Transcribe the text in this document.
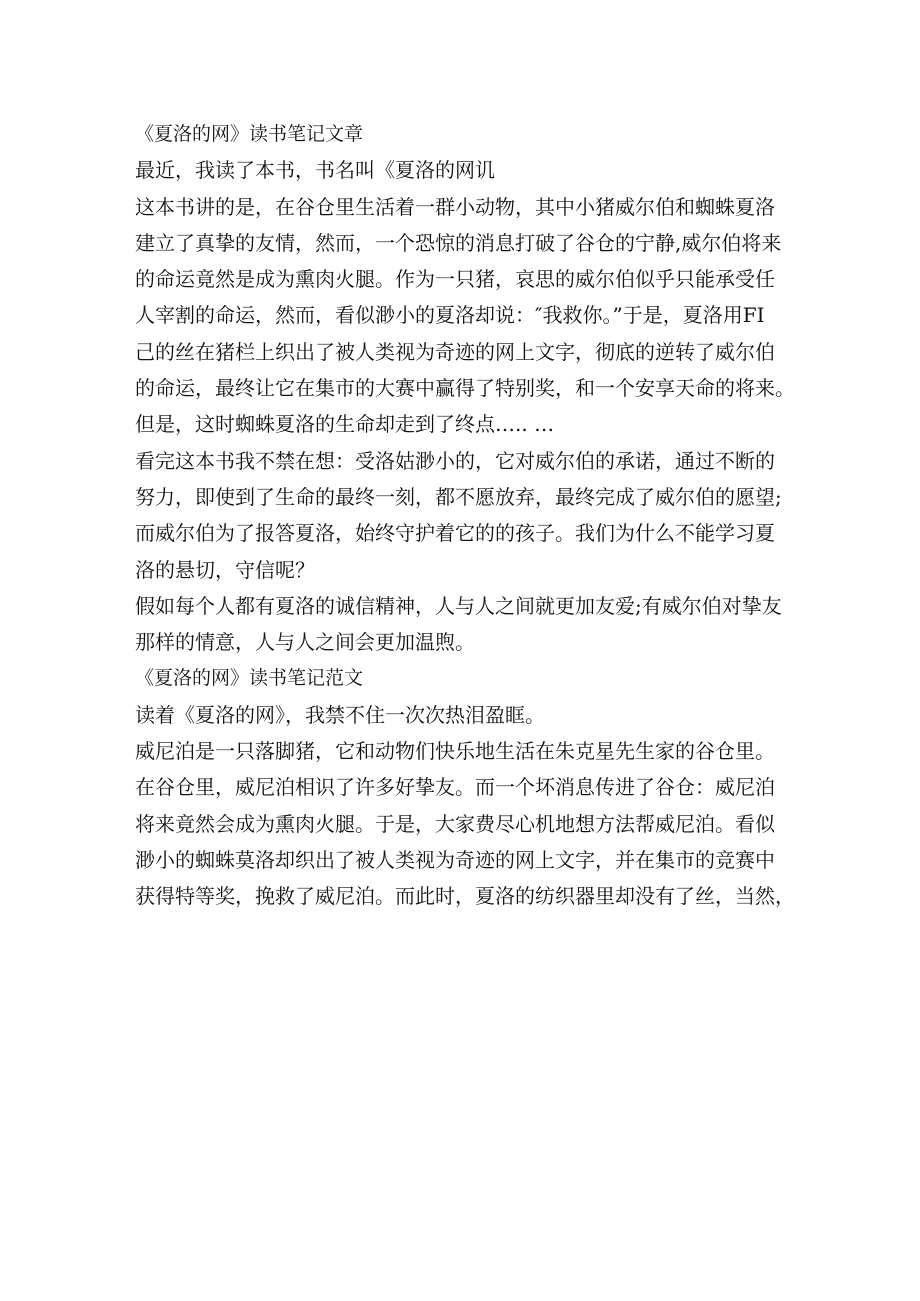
《夏洛的网》读书笔记文章
最近，我读了本书，书名叫《夏洛的网讥
这本书讲的是，在谷仓里生活着一群小动物，其中小猪威尔伯和蜘蛛夏洛
建立了真挚的友情，然而，一个恐惊的消息打破了谷仓的宁静,威尔伯将来
的命运竟然是成为熏肉火腿。作为一只猪，哀思的威尔伯似乎只能承受任
人宰割的命运，然而，看似渺小的夏洛却说：″我救你。”于是，夏洛用FI
己的丝在猪栏上织出了被人类视为奇迹的网上文字，彻底的逆转了威尔伯
的命运，最终让它在集市的大赛中赢得了特别奖，和一个安享天命的将来。
但是，这时蜘蛛夏洛的生命却走到了终点….. …
看完这本书我不禁在想：受洛姑渺小的，它对威尔伯的承诺，通过不断的
努力，即使到了生命的最终一刻，都不愿放弃，最终完成了威尔伯的愿望;
而威尔伯为了报答夏洛，始终守护着它的的孩子。我们为什么不能学习夏
洛的悬切，守信呢？
假如每个人都有夏洛的诚信精神，人与人之间就更加友爱;有威尔伯对挚友
那样的情意，人与人之间会更加温煦。
《夏洛的网》读书笔记范文
读着《夏洛的网》，我禁不住一次次热泪盈眶。
威尼泊是一只落脚猪，它和动物们快乐地生活在朱克星先生家的谷仓里。
在谷仓里，威尼泊相识了许多好挚友。而一个坏消息传进了谷仓：威尼泊
将来竟然会成为熏肉火腿。于是，大家费尽心机地想方法帮威尼泊。看似
渺小的蜘蛛莫洛却织出了被人类视为奇迹的网上文字，并在集市的竞赛中
获得特等奖，挽救了威尼泊。而此时，夏洛的纺织器里却没有了丝，当然，
